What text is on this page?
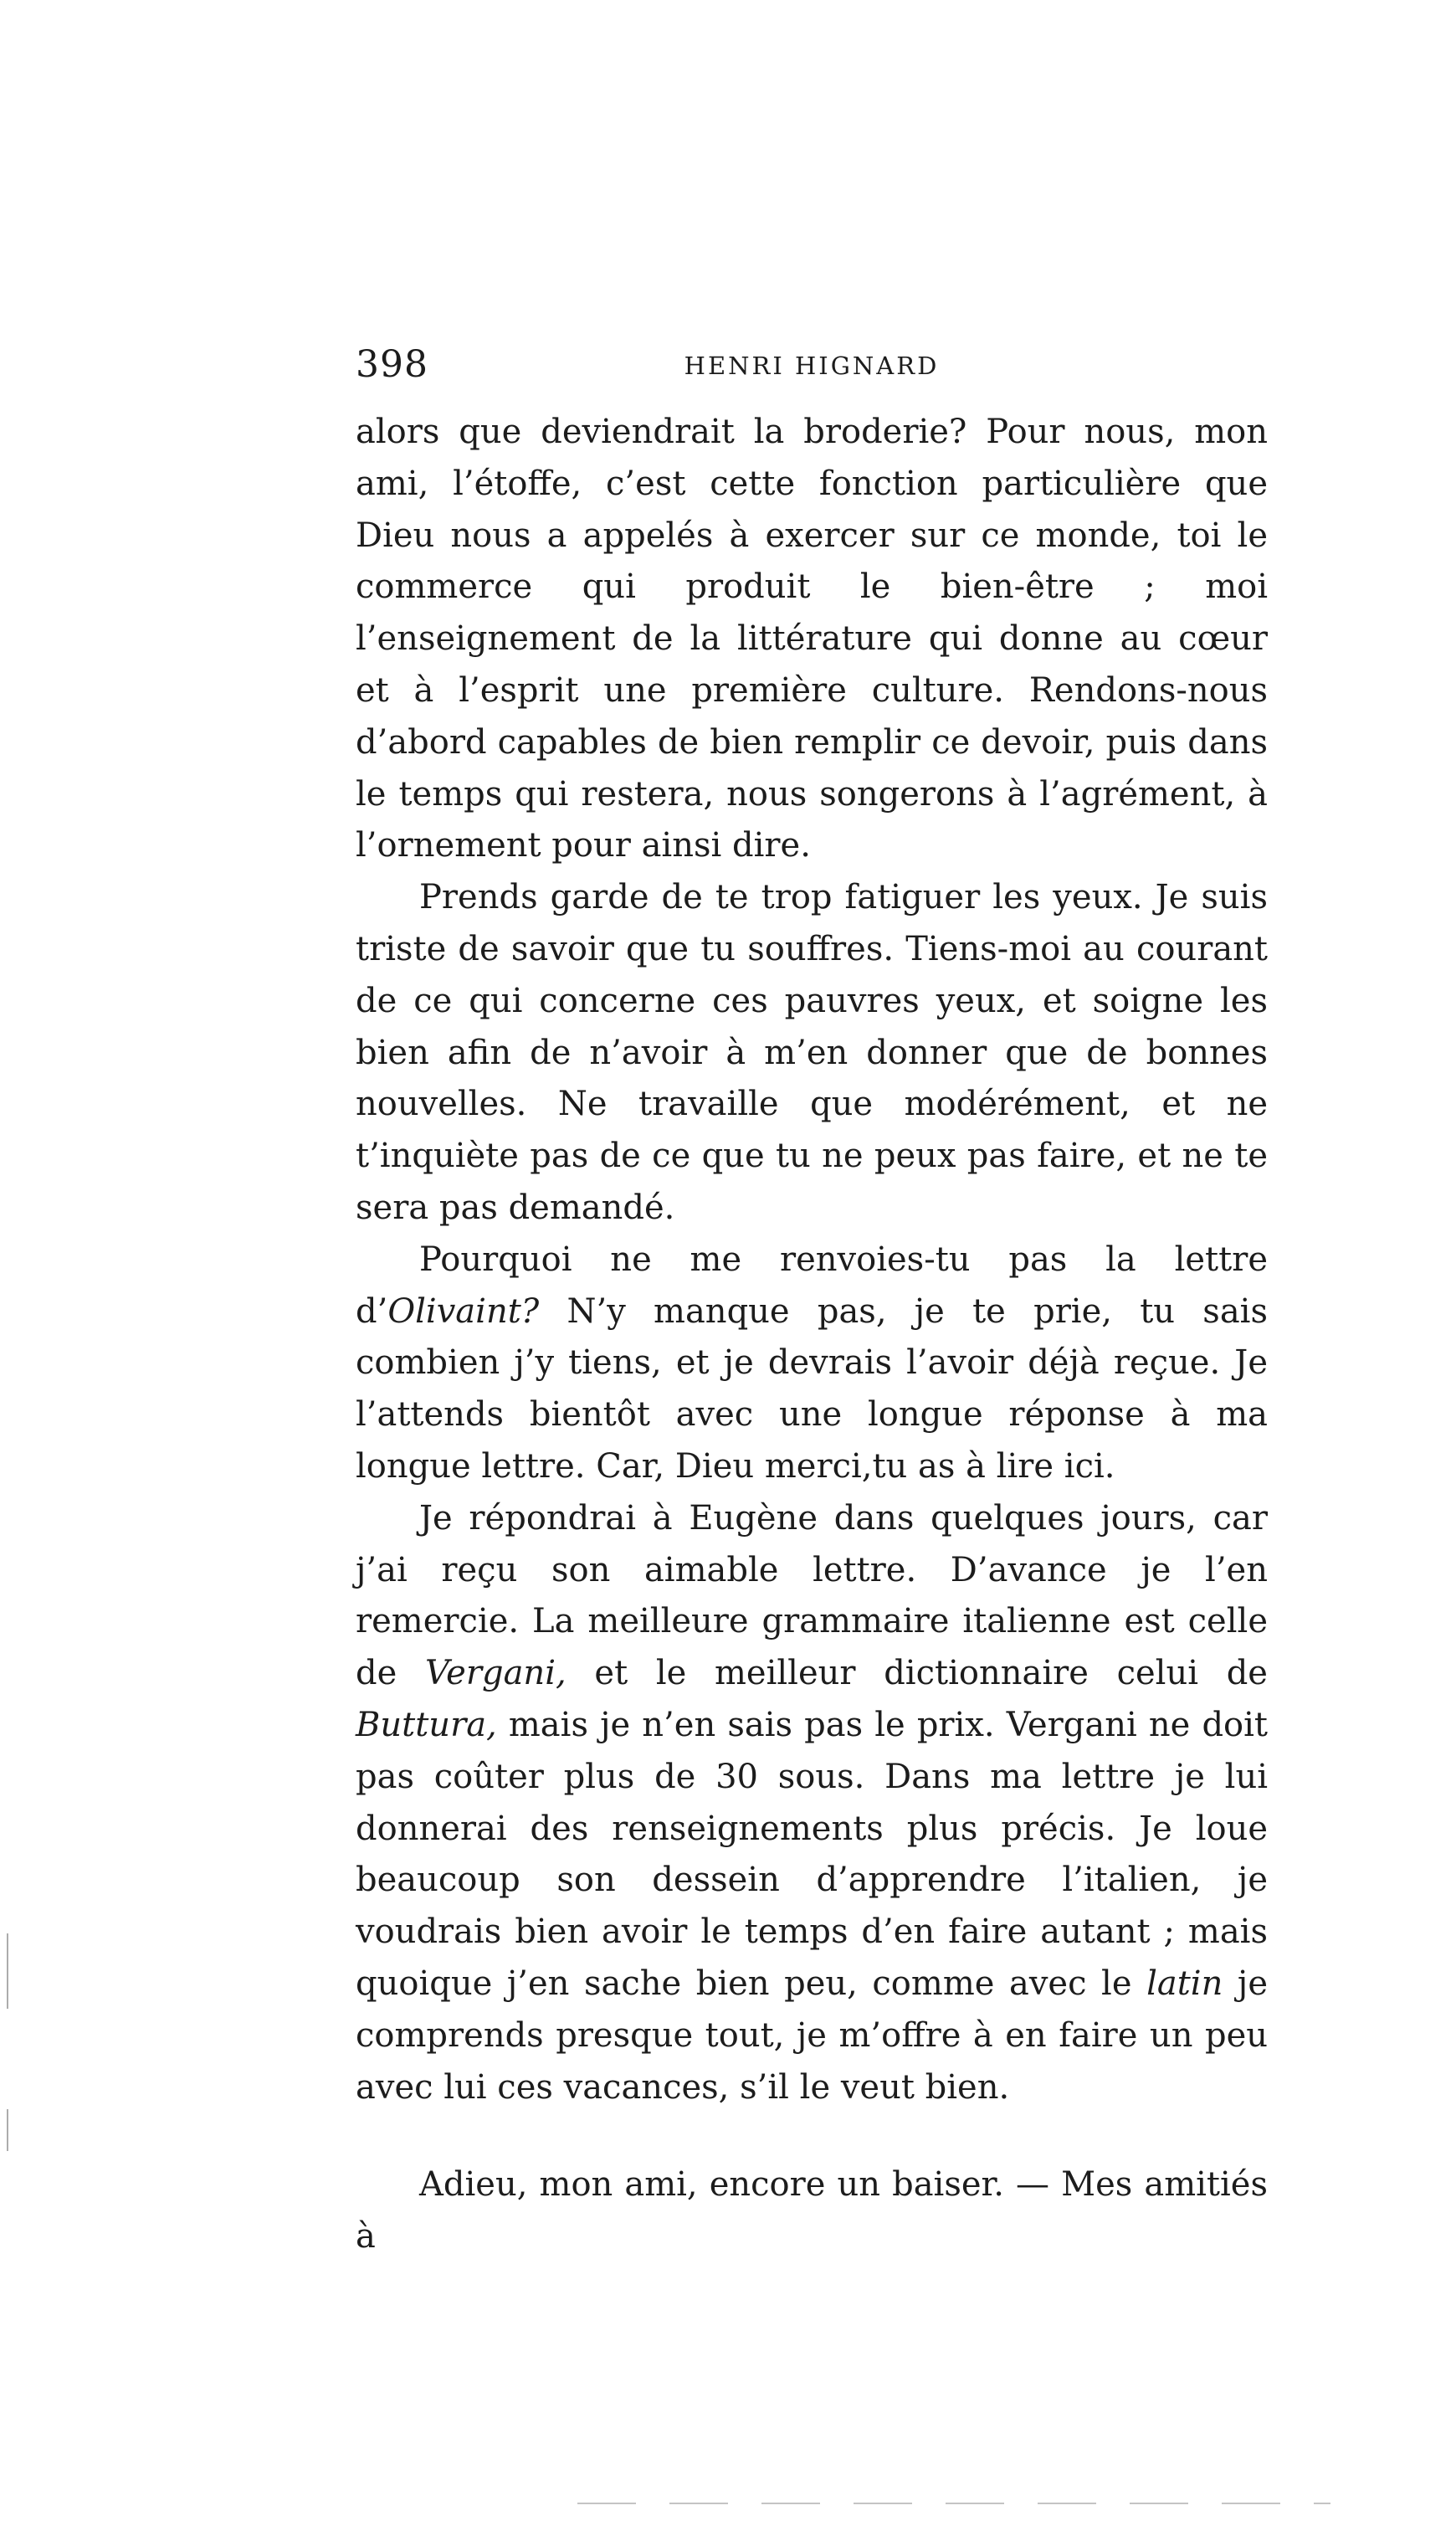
398	HENRI HIGNARD

alors que deviendrait la broderie? Pour nous, mon ami, l’étoffe, c’est cette fonction particulière que Dieu nous a appelés à exercer sur ce monde, toi le commerce qui produit le bien-être ; moi l’enseignement de la littérature qui donne au cœur et à l’esprit une première culture. Rendons-nous d’abord capables de bien remplir ce devoir, puis dans le temps qui restera, nous songerons à l’agrément, à l’ornement pour ainsi dire.

Prends garde de te trop fatiguer les yeux. Je suis triste de savoir que tu souffres. Tiens-moi au courant de ce qui concerne ces pauvres yeux, et soigne les bien afin de n’avoir à m’en donner que de bonnes nouvelles. Ne travaille que modérément, et ne t’inquiète pas de ce que tu ne peux pas faire, et ne te sera pas demandé.

Pourquoi ne me renvoies-tu pas la lettre d’Olivaint? N’y manque pas, je te prie, tu sais combien j’y tiens, et je devrais l’avoir déjà reçue. Je l’attends bientôt avec une longue réponse à ma longue lettre. Car, Dieu merci,tu as à lire ici.

Je répondrai à Eugène dans quelques jours, car j’ai reçu son aimable lettre. D’avance je l’en remercie. La meilleure grammaire italienne est celle de Vergani, et le meilleur dictionnaire celui de Buttura, mais je n’en sais pas le prix. Vergani ne doit pas coûter plus de 30 sous. Dans ma lettre je lui donnerai des renseignements plus précis. Je loue beaucoup son dessein d’apprendre l’italien, je voudrais bien avoir le temps d’en faire autant ; mais quoique j’en sache bien peu, comme avec le latin je comprends presque tout, je m’offre à en faire un peu avec lui ces vacances, s’il le veut bien.

Adieu, mon ami, encore un baiser. — Mes amitiés à
